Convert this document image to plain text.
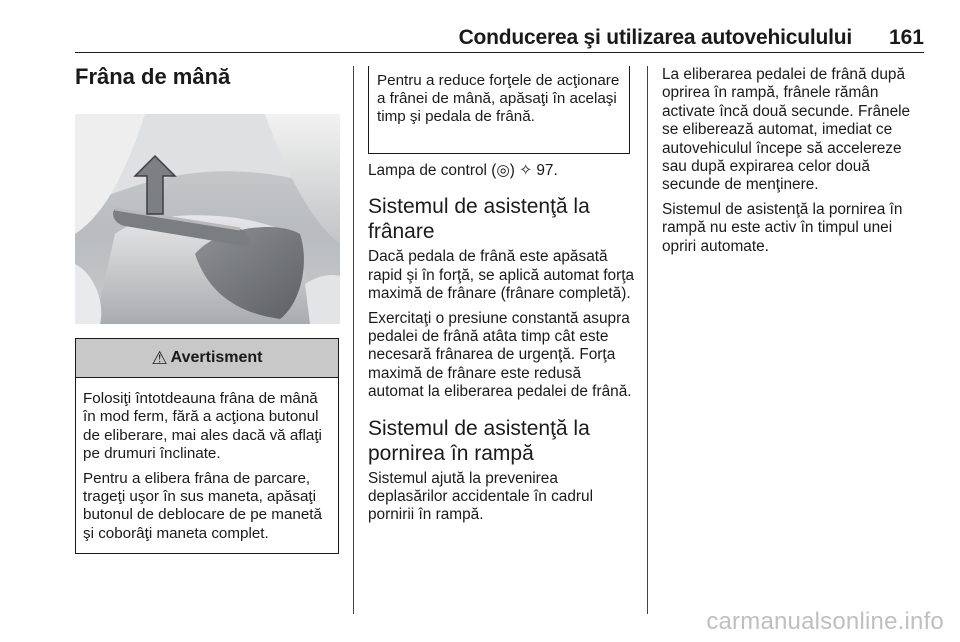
Conducerea şi utilizarea autovehiculului 161
Frâna de mână
⚠ Avertisment

Folosiţi întotdeauna frâna de mână în mod ferm, fără a acţiona butonul de eliberare, mai ales dacă vă aflaţi pe drumuri înclinate.

Pentru a elibera frâna de parcare, trageţi uşor în sus maneta, apăsaţi butonul de deblocare de pe manetă şi coborâţi maneta complet.

Pentru a reduce forţele de acţionare a frânei de mână, apăsaţi în acelaşi timp şi pedala de frână.

Lampa de control (◎) ✧ 97.

Sistemul de asistenţă la frânare

Dacă pedala de frână este apăsată rapid şi în forţă, se aplică automat forţa maximă de frânare (frânare completă).

Exercitaţi o presiune constantă asupra pedalei de frână atâta timp cât este necesară frânarea de urgenţă. Forţa maximă de frânare este redusă automat la eliberarea pedalei de frână.

Sistemul de asistenţă la pornirea în rampă

Sistemul ajută la prevenirea deplasărilor accidentale în cadrul pornirii în rampă.

La eliberarea pedalei de frână după oprirea în rampă, frânele rămân activate încă două secunde. Frânele se eliberează automat, imediat ce autovehiculul începe să accelereze sau după expirarea celor două secunde de menţinere.

Sistemul de asistenţă la pornirea în rampă nu este activ în timpul unei opriri automate.

carmanualsonline.info
